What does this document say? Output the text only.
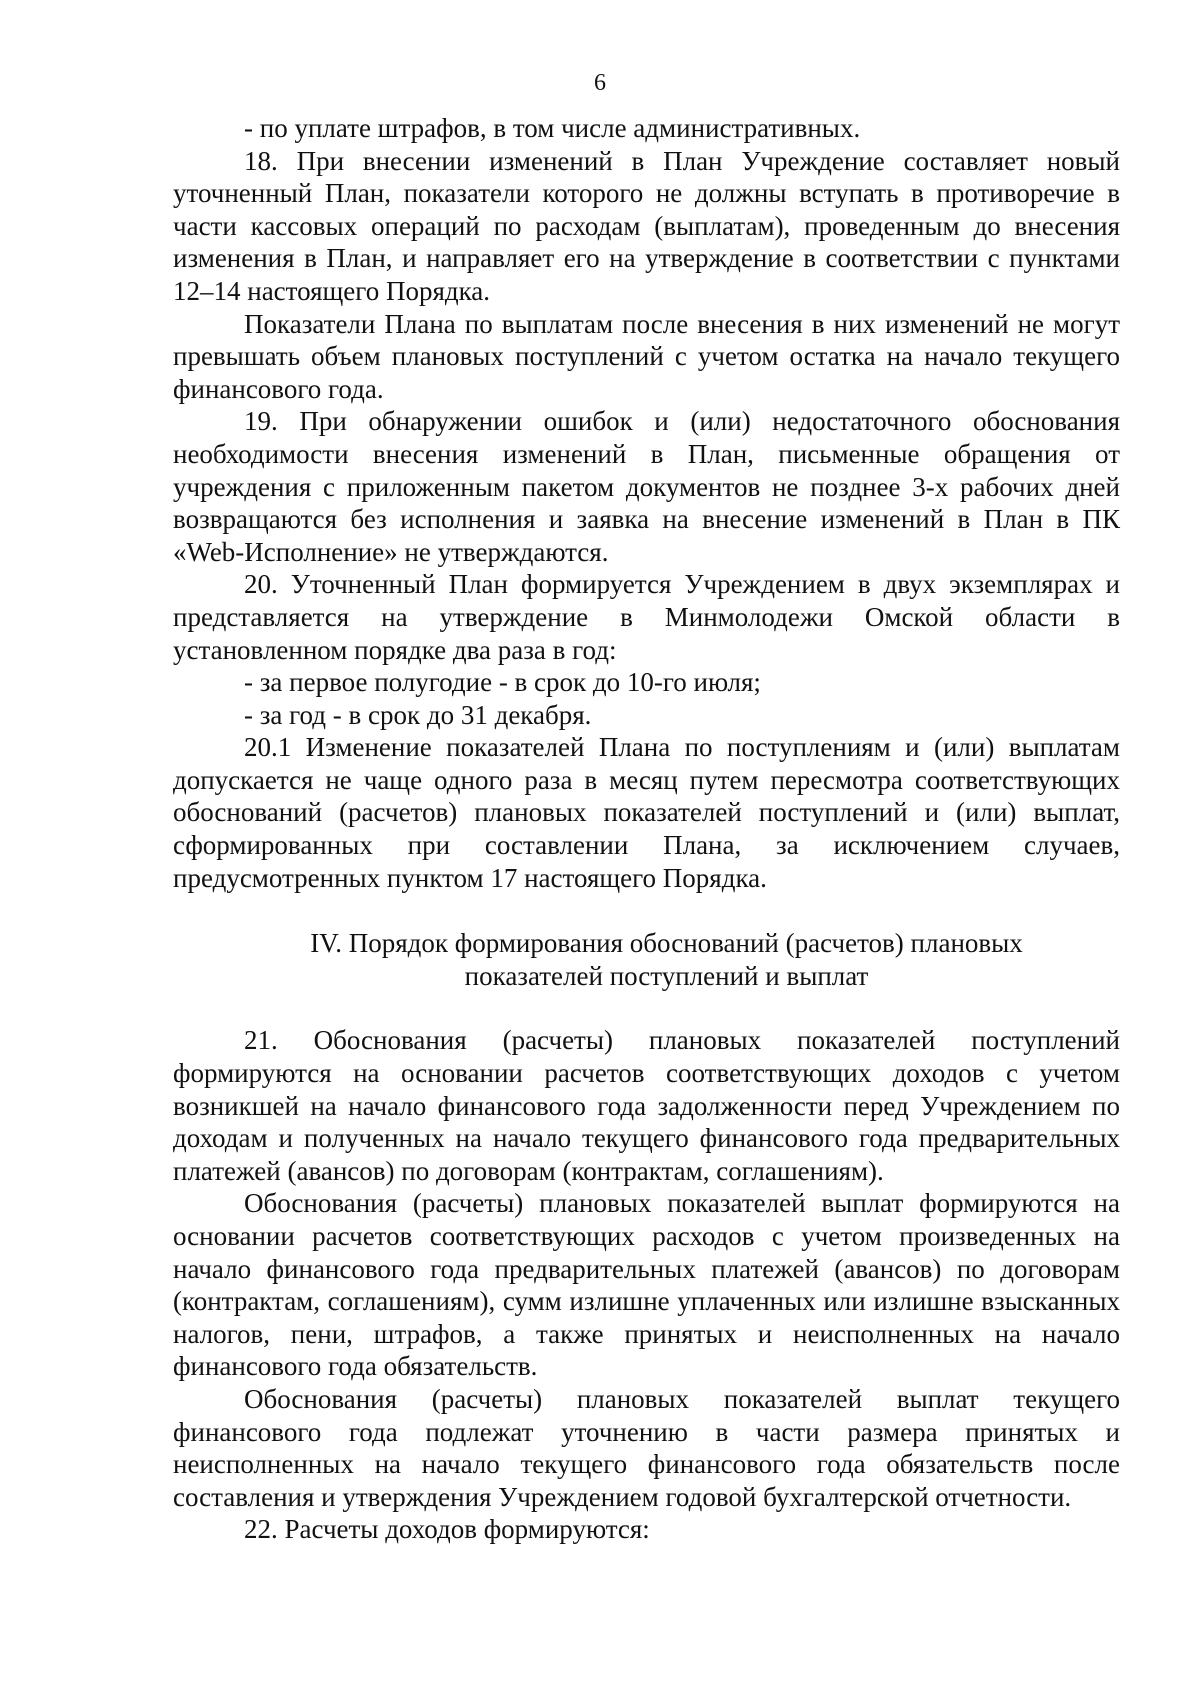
6

- по уплате штрафов, в том числе административных.

18. При внесении изменений в План Учреждение составляет новый уточненный План, показатели которого не должны вступать в противоречие в части кассовых операций по расходам (выплатам), проведенным до внесения изменения в План, и направляет его на утверждение в соответствии с пунктами 12–14 настоящего Порядка.

Показатели Плана по выплатам после внесения в них изменений не могут превышать объем плановых поступлений с учетом остатка на начало текущего финансового года.

19. При обнаружении ошибок и (или) недостаточного обоснования необходимости внесения изменений в План, письменные обращения от учреждения с приложенным пакетом документов не позднее 3-х рабочих дней возвращаются без исполнения и заявка на внесение изменений в План в ПК «Web-Исполнение» не утверждаются.

20. Уточненный План формируется Учреждением в двух экземплярах и представляется на утверждение в Минмолодежи Омской области в установленном порядке два раза в год:

- за первое полугодие - в срок до 10-го июля;

- за год - в срок до 31 декабря.

20.1 Изменение показателей Плана по поступлениям и (или) выплатам допускается не чаще одного раза в месяц путем пересмотра соответствующих обоснований (расчетов) плановых показателей поступлений и (или) выплат, сформированных при составлении Плана, за исключением случаев, предусмотренных пунктом 17 настоящего Порядка.

IV. Порядок формирования обоснований (расчетов) плановых
показателей поступлений и выплат

21. Обоснования (расчеты) плановых показателей поступлений формируются на основании расчетов соответствующих доходов с учетом возникшей на начало финансового года задолженности перед Учреждением по доходам и полученных на начало текущего финансового года предварительных платежей (авансов) по договорам (контрактам, соглашениям).

Обоснования (расчеты) плановых показателей выплат формируются на основании расчетов соответствующих расходов с учетом произведенных на начало финансового года предварительных платежей (авансов) по договорам (контрактам, соглашениям), сумм излишне уплаченных или излишне взысканных налогов, пени, штрафов, а также принятых и неисполненных на начало финансового года обязательств.

Обоснования (расчеты) плановых показателей выплат текущего финансового года подлежат уточнению в части размера принятых и неисполненных на начало текущего финансового года обязательств после составления и утверждения Учреждением годовой бухгалтерской отчетности.

22. Расчеты доходов формируются:
